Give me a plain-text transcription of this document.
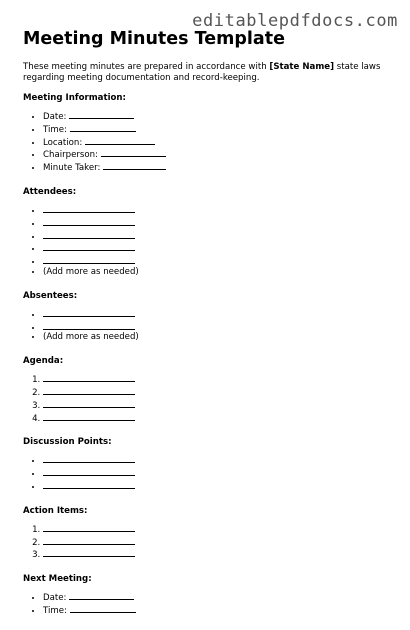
editablepdfdocs.com
Meeting Minutes Template

These meeting minutes are prepared in accordance with [State Name] state laws regarding meeting documentation and record-keeping.

Meeting Information:
• Date:
• Time:
• Location:
• Chairperson:
• Minute Taker:
Attendees:
•
•
•
•
•
• (Add more as needed)
Absentees:
•
•
• (Add more as needed)
Agenda:
1.
2.
3.
4.
Discussion Points:
•
•
•
Action Items:
1.
2.
3.
Next Meeting:
• Date:
• Time:
